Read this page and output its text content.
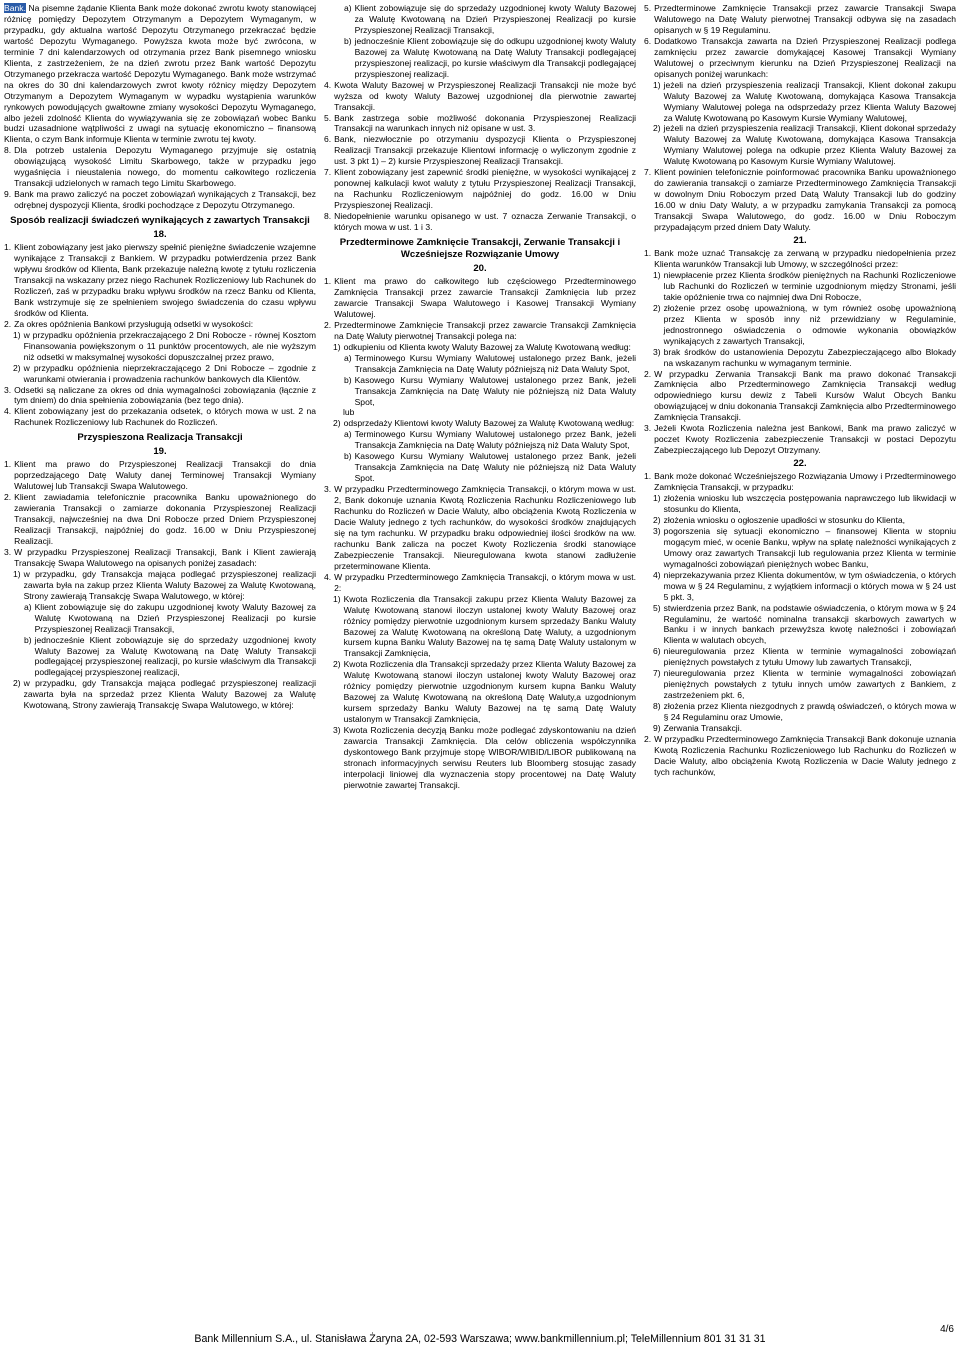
Bank. Na pisemne żądanie Klienta Bank może dokonać zwrotu kwoty stanowiącej różnicę pomiędzy Depozytem Otrzymanym a Depozytem Wymaganym, w przypadku, gdy aktualna wartość Depozytu Otrzymanego przekraczać będzie wartość Depozytu Wymaganego. Powyższa kwota może być zwrócona, w terminie 7 dni kalendarzowych od otrzymania przez Bank pisemnego wniosku Klienta, z zastrzeżeniem, że na dzień zwrotu przez Bank wartość Depozytu Otrzymanego przekracza wartość Depozytu Wymaganego. Bank może wstrzymać na okres do 30 dni kalendarzowych zwrot kwoty różnicy między Depozytem Otrzymanym a Depozytem Wymaganym w wypadku wystąpienia warunków rynkowych powodujących gwałtowne zmiany wysokości Depozytu Wymaganego, albo jeżeli zdolność Klienta do wywiązywania się ze zobowiązań wobec Banku budzi uzasadnione wątpliwości z uwagi na sytuację ekonomiczno – finansową Klienta, o czym Bank informuje Klienta w terminie zwrotu tej kwoty.

8. Dla potrzeb ustalenia Depozytu Wymaganego przyjmuje się ostatnią obowiązującą wysokość Limitu Skarbowego, także w przypadku jego wygaśnięcia i nieustalenia nowego, do momentu całkowitego rozliczenia Transakcji udzielonych w ramach tego Limitu Skarbowego.
9. Bank ma prawo zaliczyć na poczet zobowiązań wynikających z Transakcji, bez odrębnej dyspozycji Klienta, środki pochodzące z Depozytu Otrzymanego.
Sposób realizacji świadczeń wynikających z zawartych Transakcji
18.
1. Klient zobowiązany jest jako pierwszy spełnić pieniężne świadczenie wzajemne wynikające z Transakcji z Bankiem. W przypadku potwierdzenia przez Bank wpływu środków od Klienta, Bank przekazuje należną kwotę z tytułu rozliczenia Transakcji na wskazany przez niego Rachunek Rozliczeniowy lub Rachunek do Rozliczeń, zaś w przypadku braku wpływu środków na rzecz Banku od Klienta, Bank wstrzymuje się ze spełnieniem swojego świadczenia do czasu wpływu środków od Klienta.
2. Za okres opóźnienia Bankowi przysługują odsetki w wysokości:
1) w przypadku opóźnienia przekraczającego 2 Dni Robocze - równej Kosztom Finansowania powiększonym o 11 punktów procentowych, ale nie wyższym niż odsetki w maksymalnej wysokości dopuszczalnej przez prawo,
2) w przypadku opóźnienia nieprzekraczającego 2 Dni Robocze – zgodnie z warunkami otwierania i prowadzenia rachunków bankowych dla Klientów.
3. Odsetki są naliczane za okres od dnia wymagalności zobowiązania (łącznie z tym dniem) do dnia spełnienia zobowiązania (bez tego dnia).
4. Klient zobowiązany jest do przekazania odsetek, o których mowa w ust. 2 na Rachunek Rozliczeniowy lub Rachunek do Rozliczeń.
Przyspieszona Realizacja Transakcji
19.
1. Klient ma prawo do Przyspieszonej Realizacji Transakcji do dnia poprzedzającego Datę Waluty danej Terminowej Transakcji Wymiany Walutowej lub Transakcji Swapa Walutowego.
2. Klient zawiadamia telefonicznie pracownika Banku upoważnionego do zawierania Transakcji o zamiarze dokonania Przyspieszonej Realizacji Transakcji, najwcześniej na dwa Dni Robocze przed Dniem Przyspieszonej Realizacji Transakcji, najpóźniej do godz. 16.00 w Dniu Przyspieszonej Realizacji.
3. W przypadku Przyspieszonej Realizacji Transakcji, Bank i Klient zawierają Transakcję Swapa Walutowego na opisanych poniżej zasadach:
1) w przypadku, gdy Transakcja mająca podlegać przyspieszonej realizacji zawarta była na zakup przez Klienta Waluty Bazowej za Walutę Kwotowaną, Strony zawierają Transakcję Swapa Walutowego, w której:
a) Klient zobowiązuje się do zakupu uzgodnionej kwoty Waluty Bazowej za Walutę Kwotowaną na Dzień Przyspieszonej Realizacji po kursie Przyspieszonej Realizacji Transakcji,
b) jednocześnie Klient zobowiązuje się do sprzedaży uzgodnionej kwoty Waluty Bazowej za Walutę Kwotowaną na Datę Waluty Transakcji podlegającej przyspieszonej realizacji, po kursie właściwym dla Transakcji podlegającej przyspieszonej realizacji,
2) w przypadku, gdy Transakcja mająca podlegać przyspieszonej realizacji zawarta była na sprzedaż przez Klienta Waluty Bazowej za Walutę Kwotowaną, Strony zawierają Transakcję Swapa Walutowego, w której:
a) Klient zobowiązuje się do sprzedaży uzgodnionej kwoty Waluty Bazowej za Walutę Kwotowaną na Dzień Przyspieszonej Realizacji po kursie Przyspieszonej Realizacji Transakcji,
b) jednocześnie Klient zobowiązuje się do odkupu uzgodnionej kwoty Waluty Bazowej za Walutę Kwotowaną na Datę Waluty Transakcji podlegającej przyspieszonej realizacji, po kursie właściwym dla Transakcji podlegającej przyspieszonej realizacji.
4. Kwota Waluty Bazowej w Przyspieszonej Realizacji Transakcji nie może być wyższa od kwoty Waluty Bazowej uzgodnionej dla pierwotnie zawartej Transakcji.
5. Bank zastrzega sobie możliwość dokonania Przyspieszonej Realizacji Transakcji na warunkach innych niż opisane w ust. 3.
6. Bank, niezwłocznie po otrzymaniu dyspozycji Klienta o Przyspieszonej Realizacji Transakcji przekazuje Klientowi informację o wyliczonym zgodnie z ust. 3 pkt 1) – 2) kursie Przyspieszonej Realizacji Transakcji.
7. Klient zobowiązany jest zapewnić środki pieniężne, w wysokości wynikającej z ponownej kalkulacji kwot waluty z tytułu Przyspieszonej Realizacji Transakcji, na Rachunku Rozliczeniowym najpóźniej do godz. 16.00 w Dniu Przyspieszonej Realizacji.
8. Niedopełnienie warunku opisanego w ust. 7 oznacza Zerwanie Transakcji, o których mowa w ust. 1 i 3.
Przedterminowe Zamknięcie Transakcji, Zerwanie Transakcji i Wcześniejsze Rozwiązanie Umowy
20.
1. Klient ma prawo do całkowitego lub częściowego Przedterminowego Zamknięcia Transakcji przez zawarcie Transakcji Zamknięcia lub przez zawarcie Transakcji Swapa Walutowego i Kasowej Transakcji Wymiany Walutowej.
2. Przedterminowe Zamknięcie Transakcji przez zawarcie Transakcji Zamknięcia na Datę Waluty pierwotnej Transakcji polega na:
1) odkupieniu od Klienta kwoty Waluty Bazowej za Walutę Kwotowaną według:
a) Terminowego Kursu Wymiany Walutowej ustalonego przez Bank, jeżeli Transakcja Zamknięcia na Datę Waluty późniejszą niż Data Waluty Spot,
b) Kasowego Kursu Wymiany Walutowej ustalonego przez Bank, jeżeli Transakcja Zamknięcia na Datę Waluty nie późniejszą niż Data Waluty Spot,

lub

2) odsprzedaży Klientowi kwoty Waluty Bazowej za Walutę Kwotowaną według:
a) Terminowego Kursu Wymiany Walutowej ustalonego przez Bank, jeżeli Transakcja Zamknięcia na Datę Waluty późniejszą niż Data Waluty Spot,
b) Kasowego Kursu Wymiany Walutowej ustalonego przez Bank, jeżeli Transakcja Zamknięcia na Datę Waluty nie późniejszą niż Data Waluty Spot.
3. W przypadku Przedterminowego Zamknięcia Transakcji, o którym mowa w ust. 2, Bank dokonuje uznania Kwotą Rozliczenia Rachunku Rozliczeniowego lub Rachunku do Rozliczeń w Dacie Waluty, albo obciążenia Kwotą Rozliczenia w Dacie Waluty jednego z tych rachunków, do wysokości środków znajdujących się na tym rachunku. W przypadku braku odpowiedniej ilości środków na ww. rachunku Bank zalicza na poczet Kwoty Rozliczenia środki stanowiące Zabezpieczenie Transakcji. Nieuregulowana kwota stanowi zadłużenie przeterminowane Klienta.
4. W przypadku Przedterminowego Zamknięcia Transakcji, o którym mowa w ust. 2:
1) Kwota Rozliczenia dla Transakcji zakupu przez Klienta Waluty Bazowej za Walutę Kwotowaną stanowi iloczyn ustalonej kwoty Waluty Bazowej oraz różnicy pomiędzy pierwotnie uzgodnionym kursem sprzedaży Banku Waluty Bazowej za Walutę Kwotowaną na określoną Datę Waluty, a uzgodnionym kursem kupna Banku Waluty Bazowej na tę samą Datę Waluty ustalonym w Transakcji Zamknięcia,
2) Kwota Rozliczenia dla Transakcji sprzedaży przez Klienta Waluty Bazowej za Walutę Kwotowaną stanowi iloczyn ustalonej kwoty Waluty Bazowej oraz różnicy pomiędzy pierwotnie uzgodnionym kursem kupna Banku Waluty Bazowej za Walutę Kwotowaną na określoną Datę Waluty,a uzgodnionym kursem sprzedaży Banku Waluty Bazowej na tę samą Datę Waluty ustalonym w Transakcji Zamknięcia,
3) Kwota Rozliczenia decyzją Banku może podlegać zdyskontowaniu na dzień zawarcia Transakcji Zamknięcia. Dla celów obliczenia współczynnika dyskontowego Bank przyjmuje stopę WIBOR/WIBID/LIBOR publikowaną na stronach informacyjnych serwisu Reuters lub Bloomberg stosując zasady interpolacji liniowej dla wyznaczenia stopy procentowej na Datę Waluty pierwotnie zawartej Transakcji.
5. Przedterminowe Zamknięcie Transakcji przez zawarcie Transakcji Swapa Walutowego na Datę Waluty pierwotnej Transakcji odbywa się na zasadach opisanych w § 19 Regulaminu.
6. Dodatkowo Transakcja zawarta na Dzień Przyspieszonej Realizacji podlega zamknięciu przez zawarcie domykającej Kasowej Transakcji Wymiany Walutowej o przeciwnym kierunku na Dzień Przyspieszonej Realizacji na opisanych poniżej warunkach:
1) jeżeli na dzień przyspieszenia realizacji Transakcji, Klient dokonał zakupu Waluty Bazowej za Walutę Kwotowaną, domykająca Kasowa Transakcja Wymiany Walutowej polega na odsprzedaży przez Klienta Waluty Bazowej za Walutę Kwotowaną po Kasowym Kursie Wymiany Walutowej,
2) jeżeli na dzień przyspieszenia realizacji Transakcji, Klient dokonał sprzedaży Waluty Bazowej za Walutę Kwotowaną, domykająca Kasowa Transakcja Wymiany Walutowej polega na odkupie przez Klienta Waluty Bazowej za Walutę Kwotowaną po Kasowym Kursie Wymiany Walutowej.
7. Klient powinien telefonicznie poinformować pracownika Banku upoważnionego do zawierania transakcji o zamiarze Przedterminowego Zamknięcia Transakcji w dowolnym Dniu Roboczym przed Datą Waluty Transakcji lub do godziny 16.00 w dniu Daty Waluty, a w przypadku zamykania Transakcji za pomocą Transakcji Swapa Walutowego, do godz. 16.00 w Dniu Roboczym przypadającym przed dniem Daty Waluty.
21.
1. Bank może uznać Transakcję za zerwaną w przypadku niedopełnienia przez Klienta warunków Transakcji lub Umowy, w szczególności przez:
1) niewpłacenie przez Klienta środków pieniężnych na Rachunki Rozliczeniowe lub Rachunki do Rozliczeń w terminie uzgodnionym między Stronami, jeśli takie opóźnienie trwa co najmniej dwa Dni Robocze,
2) złożenie przez osobę upoważnioną, w tym również osobę upoważnioną przez Klienta w sposób inny niż przewidziany w Regulaminie, jednostronnego oświadczenia o odmowie wykonania obowiązków wynikających z zawartych Transakcji,
3) brak środków do ustanowienia Depozytu Zabezpieczającego albo Blokady na wskazanym rachunku w wymaganym terminie.
2. W przypadku Zerwania Transakcji Bank ma prawo dokonać Transakcji Zamknięcia albo Przedterminowego Zamknięcia Transakcji według odpowiedniego kursu dewiz z Tabeli Kursów Walut Obcych Banku obowiązującej w dniu dokonania Transakcji Zamknięcia albo Przedterminowego Zamknięcia Transakcji.
3. Jeżeli Kwota Rozliczenia należna jest Bankowi, Bank ma prawo zaliczyć w poczet Kwoty Rozliczenia zabezpieczenie Transakcji w postaci Depozytu Zabezpieczającego lub Depozyt Otrzymany.
22.
1. Bank może dokonać Wcześniejszego Rozwiązania Umowy i Przedterminowego Zamknięcia Transakcji, w przypadku:
1) złożenia wniosku lub wszczęcia postępowania naprawczego lub likwidacji w stosunku do Klienta,
2) złożenia wniosku o ogłoszenie upadłości w stosunku do Klienta,
3) pogorszenia się sytuacji ekonomiczno – finansowej Klienta w stopniu mogącym mieć, w ocenie Banku, wpływ na spłatę należności wynikających z Umowy oraz zawartych Transakcji lub regulowania przez Klienta w terminie wymagalności zobowiązań pieniężnych wobec Banku,
4) nieprzekazywania przez Klienta dokumentów, w tym oświadczenia, o których mowa w § 24 Regulaminu, z wyjątkiem informacji o których mowa w § 24 ust 5 pkt. 3,
5) stwierdzenia przez Bank, na podstawie oświadczenia, o którym mowa w § 24 Regulaminu, że wartość nominalna transakcji skarbowych zawartych w Banku i w innych bankach przewyższa kwotę należności i zobowiązań Klienta w walutach obcych,
6) nieuregulowania przez Klienta w terminie wymagalności zobowiązań pieniężnych powstałych z tytułu Umowy lub zawartych Transakcji,
7) nieuregulowania przez Klienta w terminie wymagalności zobowiązań pieniężnych powstałych z tytułu innych umów zawartych z Bankiem, z zastrzeżeniem pkt. 6,
8) złożenia przez Klienta niezgodnych z prawdą oświadczeń, o których mowa w § 24 Regulaminu oraz Umowie,
9) Zerwania Transakcji.
2. W przypadku Przedterminowego Zamknięcia Transakcji Bank dokonuje uznania Kwotą Rozliczenia Rachunku Rozliczeniowego lub Rachunku do Rozliczeń w Dacie Waluty, albo obciążenia Kwotą Rozliczenia w Dacie Waluty jednego z tych rachunków,
Bank Millennium S.A., ul. Stanisława Żaryna 2A, 02-593 Warszawa; www.bankmillennium.pl; TeleMillennium 801 31 31 31
4/6
